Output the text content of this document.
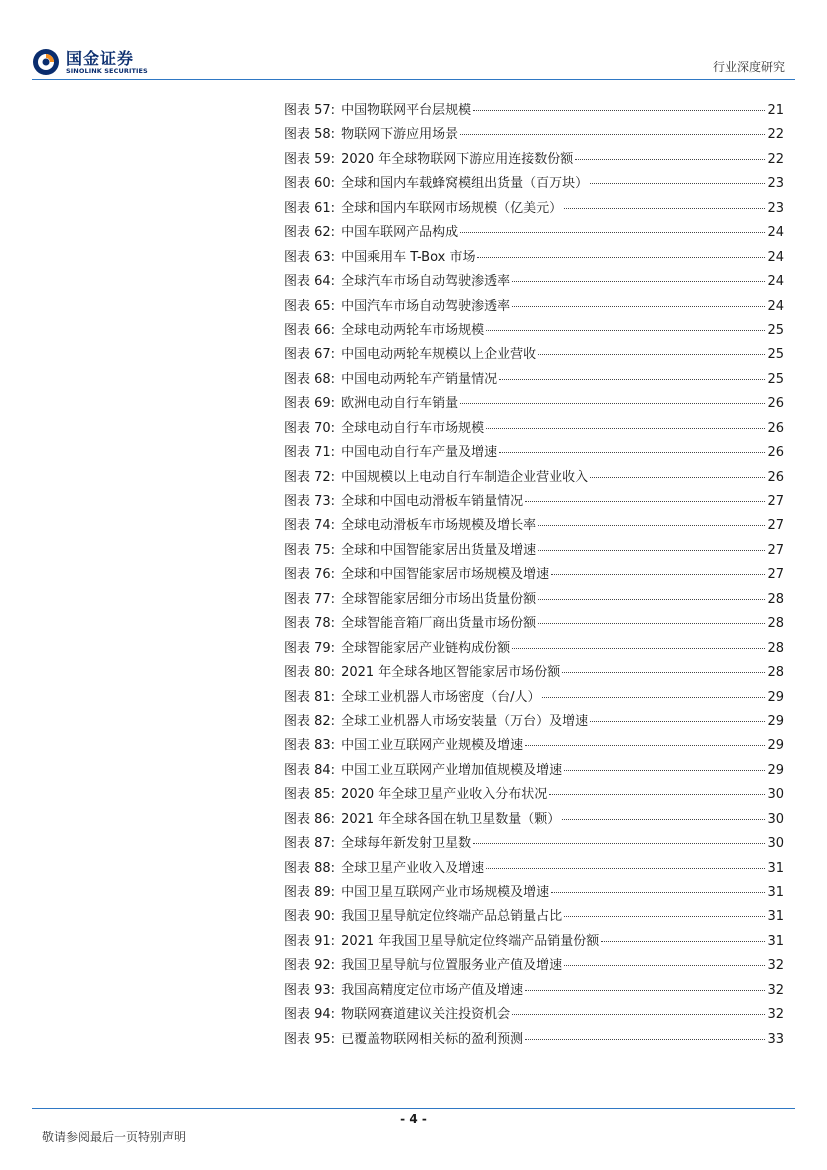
国金证券
SINOLINK SECURITIES	行业深度研究
图表 57: 中国物联网平台层规模	21
图表 58: 物联网下游应用场景	22
图表 59: 2020 年全球物联网下游应用连接数份额	22
图表 60: 全球和国内车载蜂窝模组出货量（百万块）	23
图表 61: 全球和国内车联网市场规模（亿美元）	23
图表 62: 中国车联网产品构成	24
图表 63: 中国乘用车 T-Box 市场	24
图表 64: 全球汽车市场自动驾驶渗透率	24
图表 65: 中国汽车市场自动驾驶渗透率	24
图表 66: 全球电动两轮车市场规模	25
图表 67: 中国电动两轮车规模以上企业营收	25
图表 68: 中国电动两轮车产销量情况	25
图表 69: 欧洲电动自行车销量	26
图表 70: 全球电动自行车市场规模	26
图表 71: 中国电动自行车产量及增速	26
图表 72: 中国规模以上电动自行车制造企业营业收入	26
图表 73: 全球和中国电动滑板车销量情况	27
图表 74: 全球电动滑板车市场规模及增长率	27
图表 75: 全球和中国智能家居出货量及增速	27
图表 76: 全球和中国智能家居市场规模及增速	27
图表 77: 全球智能家居细分市场出货量份额	28
图表 78: 全球智能音箱厂商出货量市场份额	28
图表 79: 全球智能家居产业链构成份额	28
图表 80: 2021 年全球各地区智能家居市场份额	28
图表 81: 全球工业机器人市场密度（台/人）	29
图表 82: 全球工业机器人市场安装量（万台）及增速	29
图表 83: 中国工业互联网产业规模及增速	29
图表 84: 中国工业互联网产业增加值规模及增速	29
图表 85: 2020 年全球卫星产业收入分布状况	30
图表 86: 2021 年全球各国在轨卫星数量（颗）	30
图表 87: 全球每年新发射卫星数	30
图表 88: 全球卫星产业收入及增速	31
图表 89: 中国卫星互联网产业市场规模及增速	31
图表 90: 我国卫星导航定位终端产品总销量占比	31
图表 91: 2021 年我国卫星导航定位终端产品销量份额	31
图表 92: 我国卫星导航与位置服务业产值及增速	32
图表 93: 我国高精度定位市场产值及增速	32
图表 94: 物联网赛道建议关注投资机会	32
图表 95: 已覆盖物联网相关标的盈利预测	33
- 4 -
敬请参阅最后一页特别声明
